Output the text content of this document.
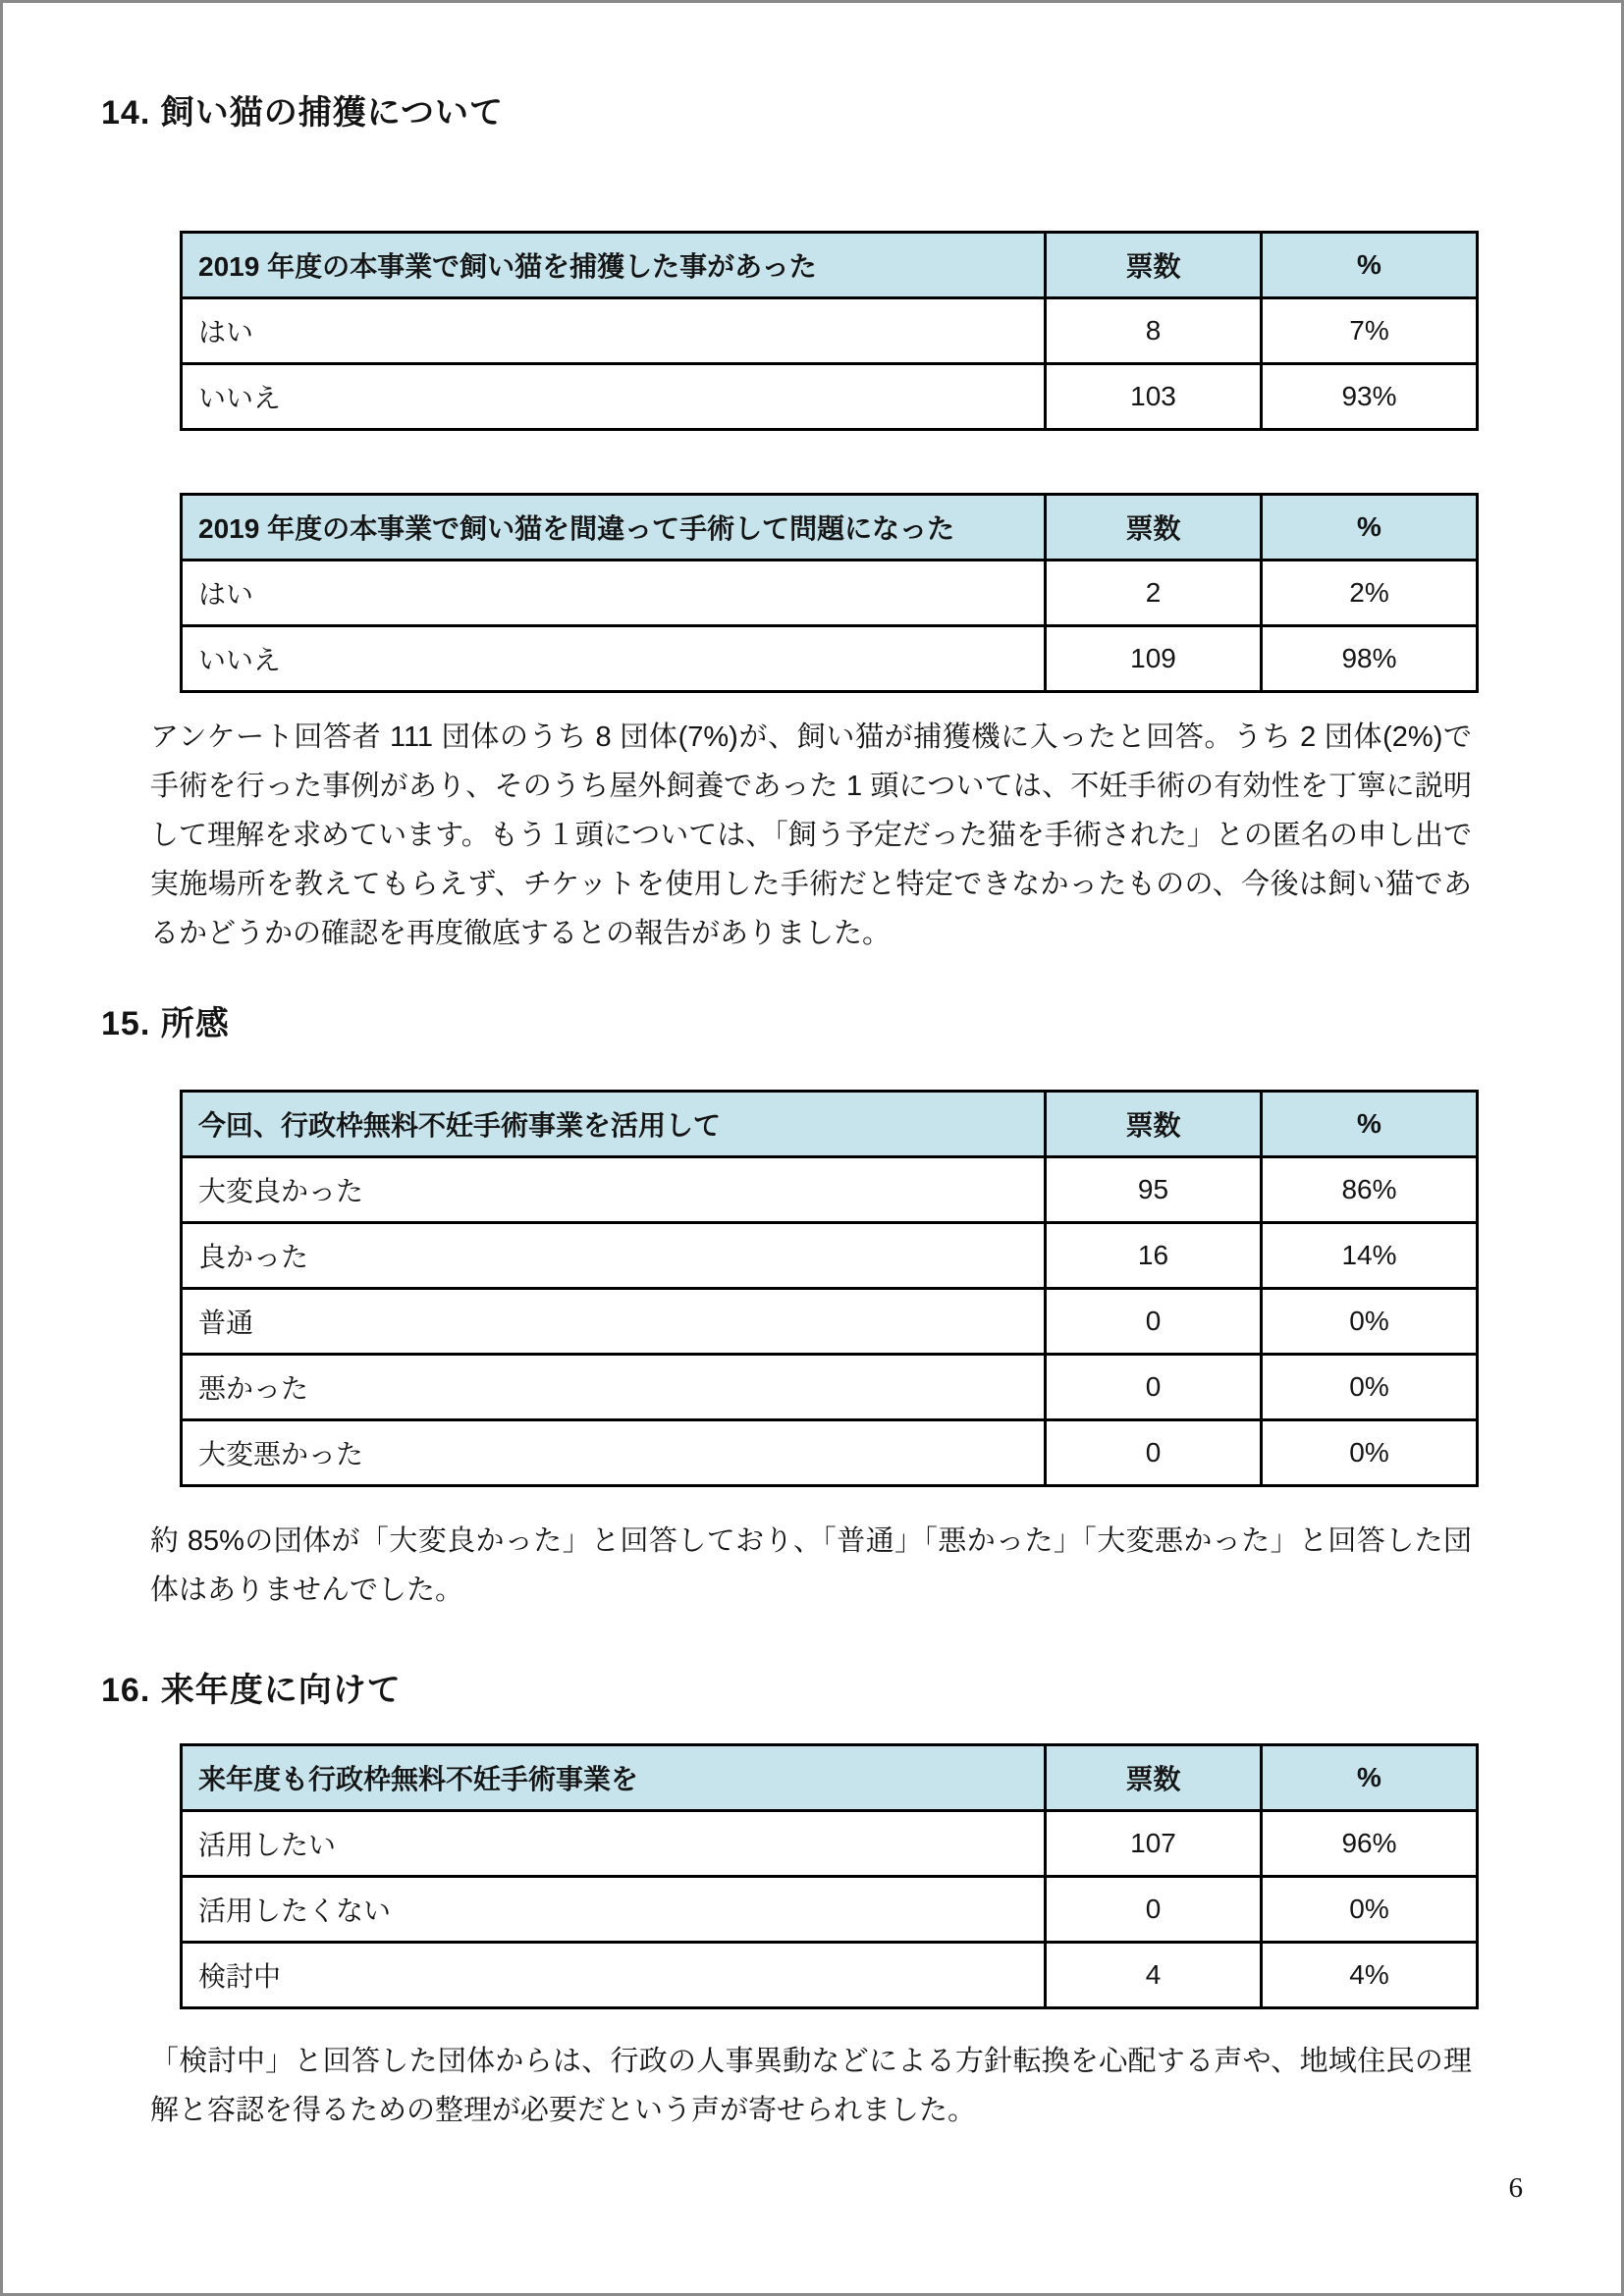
14. 飼い猫の捕獲について
2019 年度の本事業で飼い猫を捕獲した事があった	票数	%
はい	8	7%
いいえ	103	93%
2019 年度の本事業で飼い猫を間違って手術して問題になった	票数	%
はい	2	2%
いいえ	109	98%

アンケート回答者 111 団体のうち 8 団体(7%)が、飼い猫が捕獲機に入ったと回答。うち 2 団体(2%)で手術を行った事例があり、そのうち屋外飼養であった 1 頭については、不妊手術の有効性を丁寧に説明して理解を求めています。もう１頭については、「飼う予定だった猫を手術された」との匿名の申し出で実施場所を教えてもらえず、チケットを使用した手術だと特定できなかったものの、今後は飼い猫であるかどうかの確認を再度徹底するとの報告がありました。

15. 所感
今回、行政枠無料不妊手術事業を活用して	票数	%
大変良かった	95	86%
良かった	16	14%
普通	0	0%
悪かった	0	0%
大変悪かった	0	0%

約 85%の団体が「大変良かった」と回答しており、「普通」「悪かった」「大変悪かった」と回答した団体はありませんでした。

16. 来年度に向けて
来年度も行政枠無料不妊手術事業を	票数	%
活用したい	107	96%
活用したくない	0	0%
検討中	4	4%

「検討中」と回答した団体からは、行政の人事異動などによる方針転換を心配する声や、地域住民の理解と容認を得るための整理が必要だという声が寄せられました。

6
